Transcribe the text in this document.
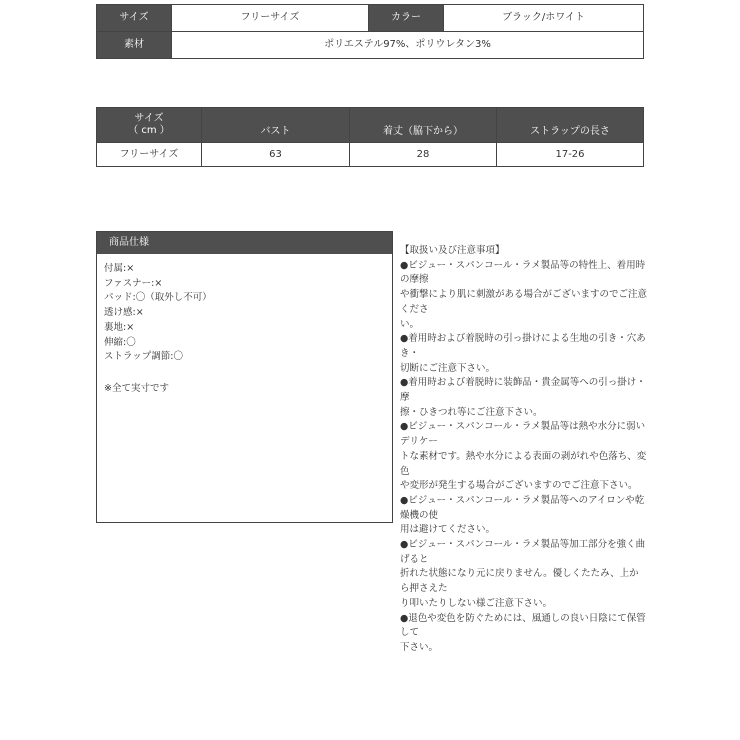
サイズ	フリーサイズ	カラー	ブラック/ホワイト
素材	ポリエステル97%、ポリウレタン3%		
サイズ
（ cm ）	バスト	着丈（脇下から）	ストラップの長さ
フリーサイズ	63	28	17-26
商品仕様
付属:×
ファスナー:×
パッド:〇（取外し不可）
透け感:×
裏地:×
伸縮:〇
ストラップ調節:〇
※全て実寸です

【取扱い及び注意事項】

●ビジュー・スパンコール・ラメ製品等の特性上、着用時の摩擦

や衝撃により肌に刺激がある場合がございますのでご注意くださ

い。

●着用時および着脱時の引っ掛けによる生地の引き・穴あき・

切断にご注意下さい。

●着用時および着脱時に装飾品・貴金属等への引っ掛け・摩

擦・ひきつれ等にご注意下さい。

●ビジュー・スパンコール・ラメ製品等は熱や水分に弱いデリケー

トな素材です。熱や水分による表面の剥がれや色落ち、変色

や変形が発生する場合がございますのでご注意下さい。

●ビジュー・スパンコール・ラメ製品等へのアイロンや乾燥機の使

用は避けてください。

●ビジュー・スパンコール・ラメ製品等加工部分を強く曲げると

折れた状態になり元に戻りません。優しくたたみ、上から押さえた

り叩いたりしない様ご注意下さい。

●退色や変色を防ぐためには、風通しの良い日陰にて保管して

下さい。
